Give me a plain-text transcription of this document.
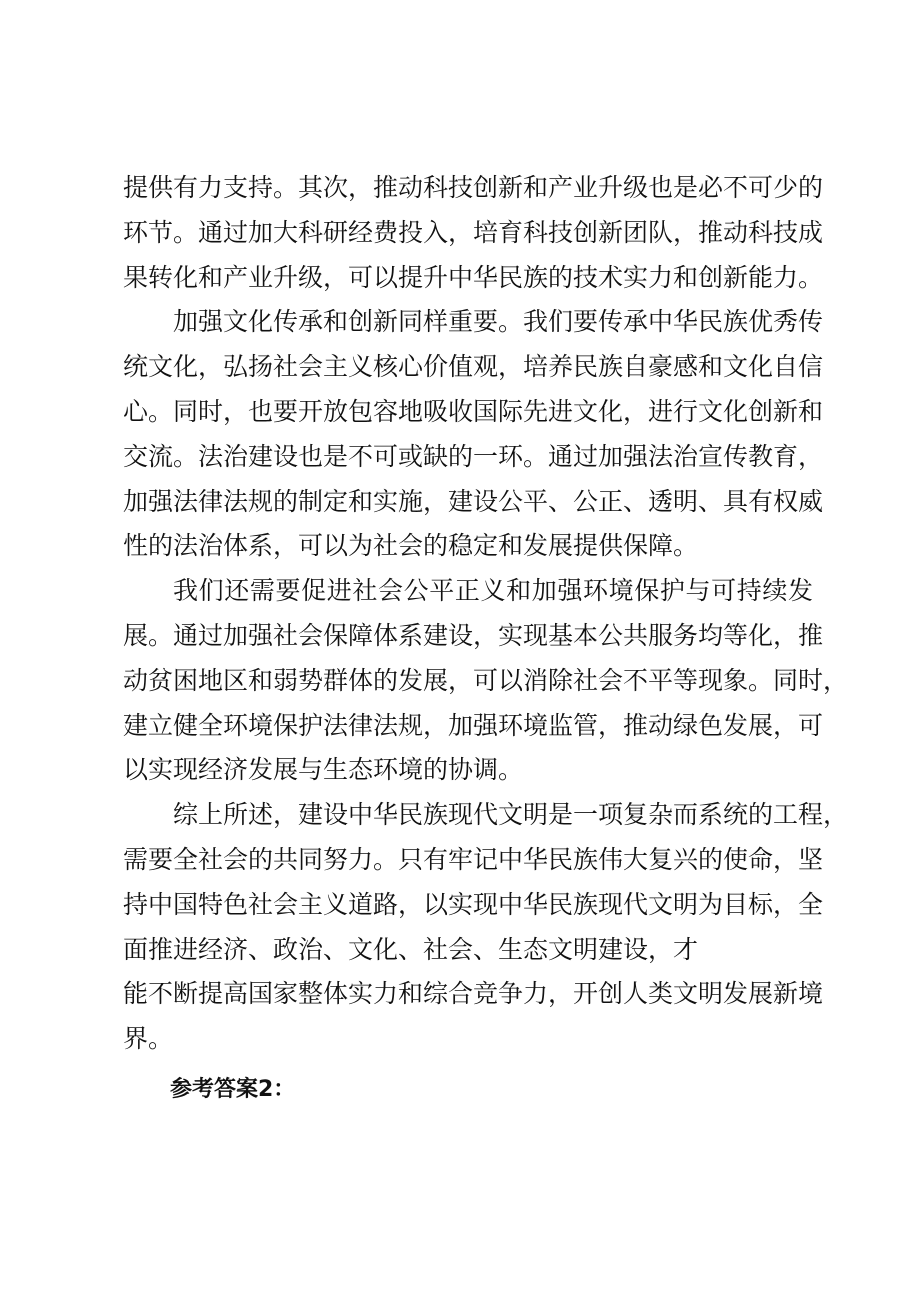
提供有力支持。其次，推动科技创新和产业升级也是必不可少的
环节。通过加大科研经费投入，培育科技创新团队，推动科技成
果转化和产业升级，可以提升中华民族的技术实力和创新能力。
加强文化传承和创新同样重要。我们要传承中华民族优秀传
统文化，弘扬社会主义核心价值观，培养民族自豪感和文化自信
心。同时，也要开放包容地吸收国际先进文化，进行文化创新和
交流。法治建设也是不可或缺的一环。通过加强法治宣传教育，
加强法律法规的制定和实施，建设公平、公正、透明、具有权威
性的法治体系，可以为社会的稳定和发展提供保障。
我们还需要促进社会公平正义和加强环境保护与可持续发
展。通过加强社会保障体系建设，实现基本公共服务均等化，推
动贫困地区和弱势群体的发展，可以消除社会不平等现象。同时，
建立健全环境保护法律法规，加强环境监管，推动绿色发展，可
以实现经济发展与生态环境的协调。
综上所述，建设中华民族现代文明是一项复杂而系统的工程，
需要全社会的共同努力。只有牢记中华民族伟大复兴的使命，坚
持中国特色社会主义道路，以实现中华民族现代文明为目标，全
面推进经济、政治、文化、社会、生态文明建设，才
能不断提高国家整体实力和综合竞争力，开创人类文明发展新境
界。
参考答案2：
